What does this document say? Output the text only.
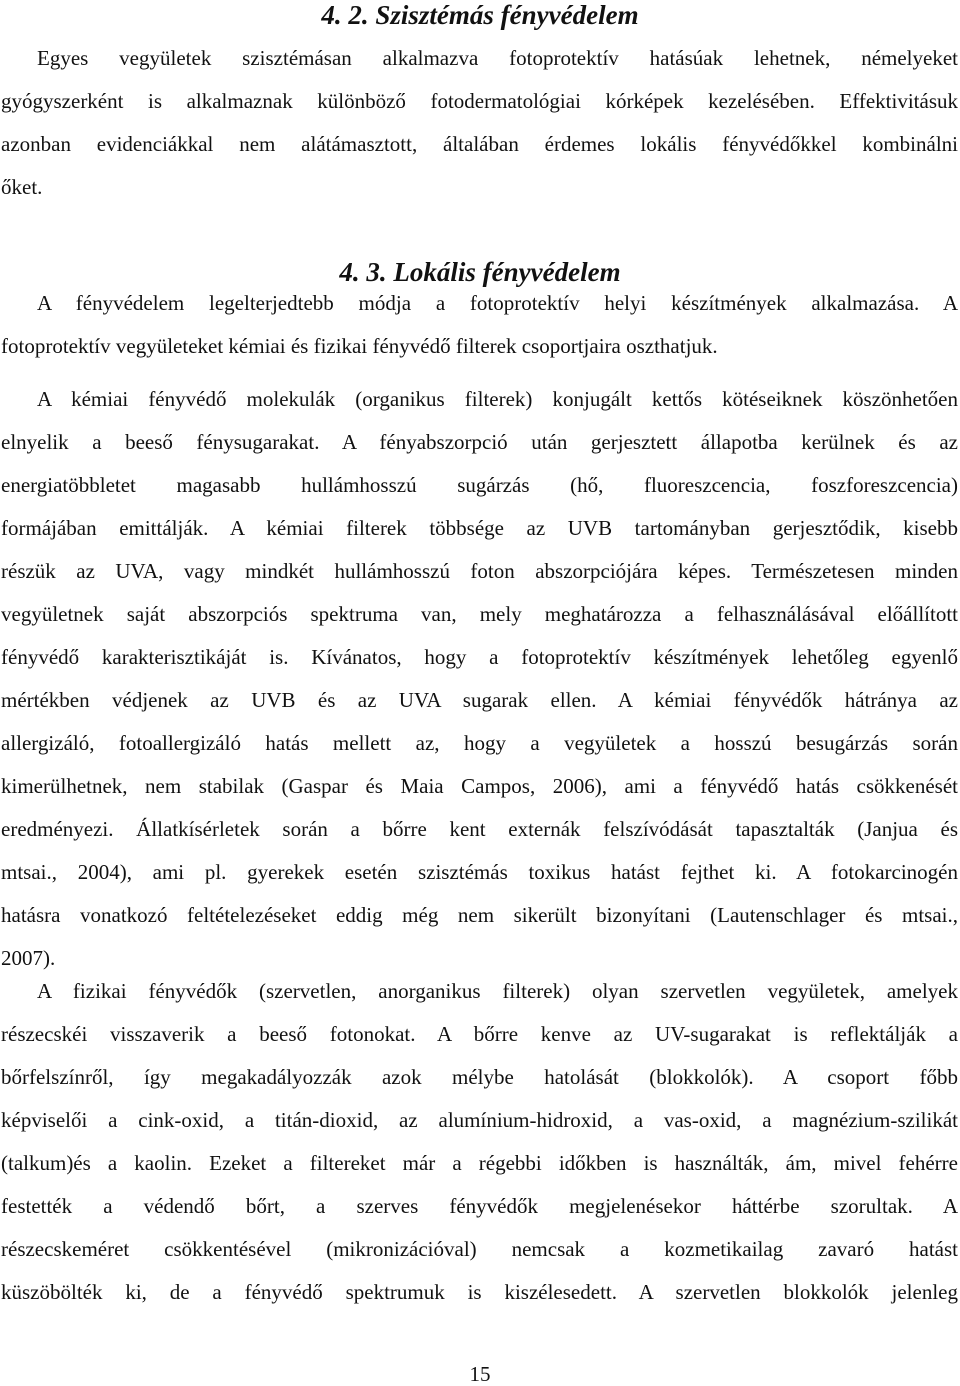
4. 2. Szisztémás fényvédelem
Egyes vegyületek szisztémásan alkalmazva fotoprotektív hatásúak lehetnek, némelyeket
gyógyszerként is alkalmaznak különböző fotodermatológiai kórképek kezelésében. Effektivitásuk
azonban evidenciákkal nem alátámasztott, általában érdemes lokális fényvédőkkel kombinálni
őket.
4. 3. Lokális fényvédelem
A fényvédelem legelterjedtebb módja a fotoprotektív helyi készítmények alkalmazása. A
fotoprotektív vegyületeket kémiai és fizikai fényvédő filterek csoportjaira oszthatjuk.
A kémiai fényvédő molekulák (organikus filterek) konjugált kettős kötéseiknek köszönhetően
elnyelik a beeső fénysugarakat. A fényabszorpció után gerjesztett állapotba kerülnek és az
energiatöbbletet magasabb hullámhosszú sugárzás (hő, fluoreszcencia, foszforeszcencia)
formájában emittálják. A kémiai filterek többsége az UVB tartományban gerjesztődik, kisebb
részük az UVA, vagy mindkét hullámhosszú foton abszorpciójára képes. Természetesen minden
vegyületnek saját abszorpciós spektruma van, mely meghatározza a felhasználásával előállított
fényvédő karakterisztikáját is. Kívánatos, hogy a fotoprotektív készítmények lehetőleg egyenlő
mértékben védjenek az UVB és az UVA sugarak ellen. A kémiai fényvédők hátránya az
allergizáló, fotoallergizáló hatás mellett az, hogy a vegyületek a hosszú besugárzás során
kimerülhetnek, nem stabilak (Gaspar és Maia Campos, 2006), ami a fényvédő hatás csökkenését
eredményezi. Állatkísérletek során a bőrre kent externák felszívódását tapasztalták (Janjua és
mtsai., 2004), ami pl. gyerekek esetén szisztémás toxikus hatást fejthet ki. A fotokarcinogén
hatásra vonatkozó feltételezéseket eddig még nem sikerült bizonyítani (Lautenschlager és mtsai.,
2007).
A fizikai fényvédők (szervetlen, anorganikus filterek) olyan szervetlen vegyületek, amelyek
részecskéi visszaverik a beeső fotonokat. A bőrre kenve az UV-sugarakat is reflektálják a
bőrfelszínről, így megakadályozzák azok mélybe hatolását (blokkolók). A csoport főbb
képviselői a cink-oxid, a titán-dioxid, az alumínium-hidroxid, a vas-oxid, a magnézium-szilikát
(talkum)és a kaolin. Ezeket a filtereket már a régebbi időkben is használták, ám, mivel fehérre
festették a védendő bőrt, a szerves fényvédők megjelenésekor háttérbe szorultak. A
részecskeméret csökkentésével (mikronizációval) nemcsak a kozmetikailag zavaró hatást
küszöbölték ki, de a fényvédő spektrumuk is kiszélesedett. A szervetlen blokkolók jelenleg
15
